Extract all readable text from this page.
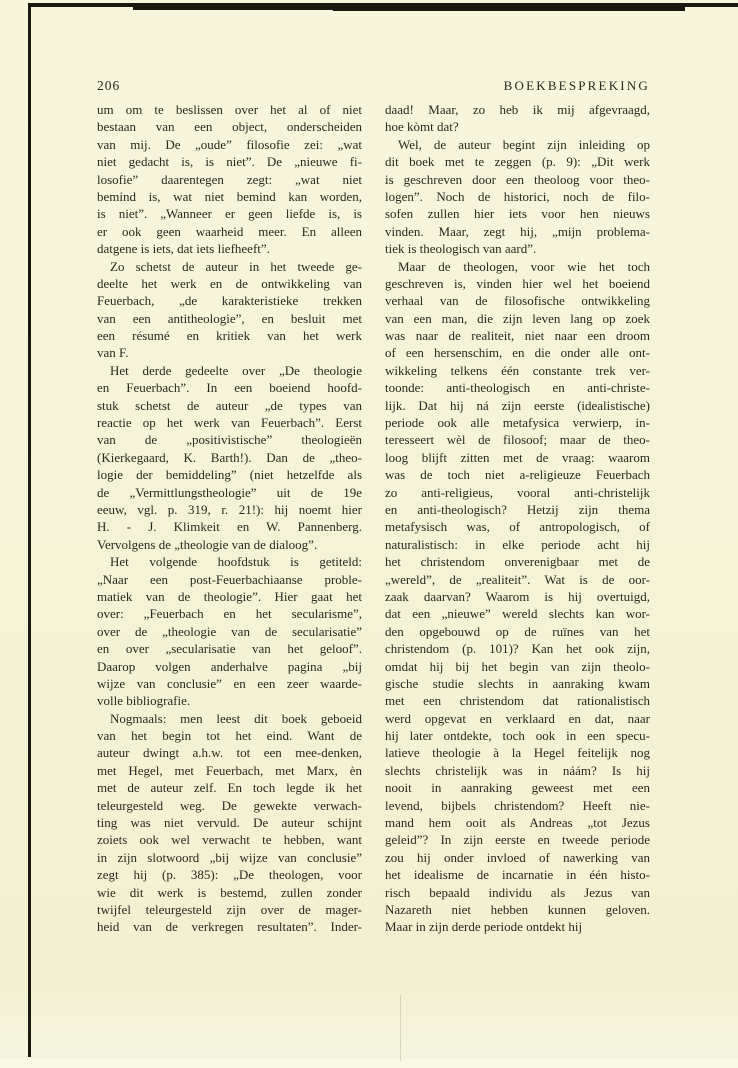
206	BOEKBESPREKING
um om te beslissen over het al of niet
bestaan van een object, onderscheiden
van mij. De „oude” filosofie zei: „wat
niet gedacht is, is niet”. De „nieuwe fi-
losofie” daarentegen zegt: „wat niet
bemind is, wat niet bemind kan worden,
is niet”. „Wanneer er geen liefde is, is
er ook geen waarheid meer. En alleen
datgene is iets, dat iets liefheeft”.
Zo schetst de auteur in het tweede ge-
deelte het werk en de ontwikkeling van
Feuerbach, „de karakteristieke trekken
van een antitheologie”, en besluit met
een résumé en kritiek van het werk
van F.
Het derde gedeelte over „De theologie
en Feuerbach”. In een boeiend hoofd-
stuk schetst de auteur „de types van
reactie op het werk van Feuerbach”. Eerst
van de „positivistische” theologieën
(Kierkegaard, K. Barth!). Dan de „theo-
logie der bemiddeling” (niet hetzelfde als
de „Vermittlungstheologie” uit de 19e
eeuw, vgl. p. 319, r. 21!): hij noemt hier
H. - J. Klimkeit en W. Pannenberg.
Vervolgens de „theologie van de dialoog”.
Het volgende hoofdstuk is getiteld:
„Naar een post-Feuerbachiaanse proble-
matiek van de theologie”. Hier gaat het
over: „Feuerbach en het secularisme”,
over de „theologie van de secularisatie”
en over „secularisatie van het geloof”.
Daarop volgen anderhalve pagina „bij
wijze van conclusie” en een zeer waarde-
volle bibliografie.
Nogmaals: men leest dit boek geboeid
van het begin tot het eind. Want de
auteur dwingt a.h.w. tot een mee-denken,
met Hegel, met Feuerbach, met Marx, èn
met de auteur zelf. En toch legde ik het
teleurgesteld weg. De gewekte verwach-
ting was niet vervuld. De auteur schijnt
zoiets ook wel verwacht te hebben, want
in zijn slotwoord „bij wijze van conclusie”
zegt hij (p. 385): „De theologen, voor
wie dit werk is bestemd, zullen zonder
twijfel teleurgesteld zijn over de mager-
heid van de verkregen resultaten”. Inder-
daad! Maar, zo heb ik mij afgevraagd,
hoe kòmt dat?
Wel, de auteur begint zijn inleiding op
dit boek met te zeggen (p. 9): „Dit werk
is geschreven door een theoloog voor theo-
logen”. Noch de historici, noch de filo-
sofen zullen hier iets voor hen nieuws
vinden. Maar, zegt hij, „mijn problema-
tiek is theologisch van aard”.
Maar de theologen, voor wie het toch
geschreven is, vinden hier wel het boeiend
verhaal van de filosofische ontwikkeling
van een man, die zijn leven lang op zoek
was naar de realiteit, niet naar een droom
of een hersenschim, en die onder alle ont-
wikkeling telkens één constante trek ver-
toonde: anti-theologisch en anti-christe-
lijk. Dat hij ná zijn eerste (idealistische)
periode ook alle metafysica verwierp, in-
teresseert wèl de filosoof; maar de theo-
loog blijft zitten met de vraag: waarom
was de toch niet a-religieuze Feuerbach
zo anti-religieus, vooral anti-christelijk
en anti-theologisch? Hetzij zijn thema
metafysisch was, of antropologisch, of
naturalistisch: in elke periode acht hij
het christendom onverenigbaar met de
„wereld”, de „realiteit”. Wat is de oor-
zaak daarvan? Waarom is hij overtuigd,
dat een „nieuwe” wereld slechts kan wor-
den opgebouwd op de ruïnes van het
christendom (p. 101)? Kan het ook zijn,
omdat hij bij het begin van zijn theolo-
gische studie slechts in aanraking kwam
met een christendom dat rationalistisch
werd opgevat en verklaard en dat, naar
hij later ontdekte, toch ook in een specu-
latieve theologie à la Hegel feitelijk nog
slechts christelijk was in náám? Is hij
nooit in aanraking geweest met een
levend, bijbels christendom? Heeft nie-
mand hem ooit als Andreas „tot Jezus
geleid”? In zijn eerste en tweede periode
zou hij onder invloed of nawerking van
het idealisme de incarnatie in één histo-
risch bepaald individu als Jezus van
Nazareth niet hebben kunnen geloven.
Maar in zijn derde periode ontdekt hij
